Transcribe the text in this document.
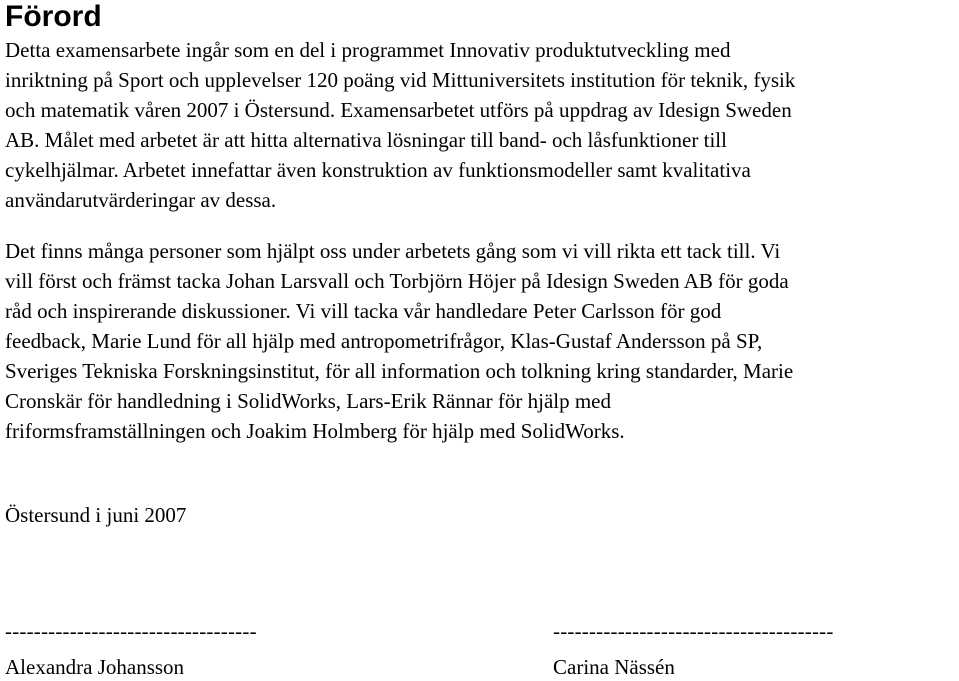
Förord

Detta examensarbete ingår som en del i programmet Innovativ produktutveckling med
inriktning på Sport och upplevelser 120 poäng vid Mittuniversitets institution för teknik, fysik
och matematik våren 2007 i Östersund. Examensarbetet utförs på uppdrag av Idesign Sweden
AB. Målet med arbetet är att hitta alternativa lösningar till band- och låsfunktioner till
cykelhjälmar. Arbetet innefattar även konstruktion av funktionsmodeller samt kvalitativa
användarutvärderingar av dessa.

Det finns många personer som hjälpt oss under arbetets gång som vi vill rikta ett tack till. Vi
vill först och främst tacka Johan Larsvall och Torbjörn Höjer på Idesign Sweden AB för goda
råd och inspirerande diskussioner. Vi vill tacka vår handledare Peter Carlsson för god
feedback, Marie Lund för all hjälp med antropometrifrågor, Klas-Gustaf Andersson på SP,
Sveriges Tekniska Forskningsinstitut, för all information och tolkning kring standarder, Marie
Cronskär för handledning i SolidWorks, Lars-Erik Rännar för hjälp med
friformsframställningen och Joakim Holmberg för hjälp med SolidWorks.

Östersund i juni 2007
-----------------------------------
Alexandra Johansson
---------------------------------------
Carina Nässén
